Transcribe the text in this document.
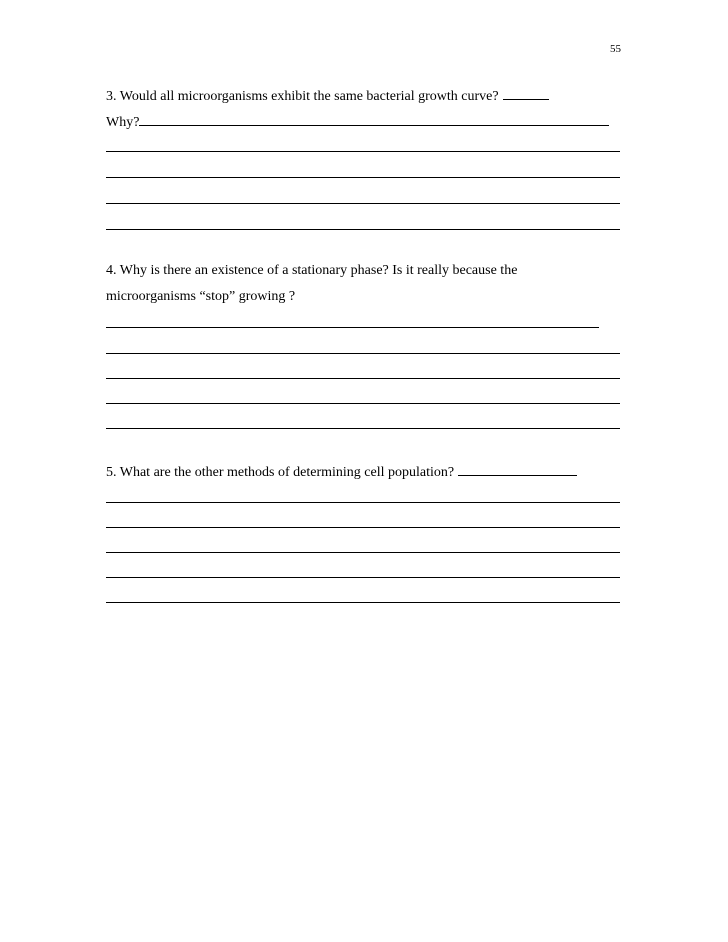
55
3. Would all microorganisms exhibit the same bacterial growth curve?
Why?
4. Why is there an existence of a stationary phase? Is it really because the
microorganisms “stop” growing ?
5. What are the other methods of determining cell population?
